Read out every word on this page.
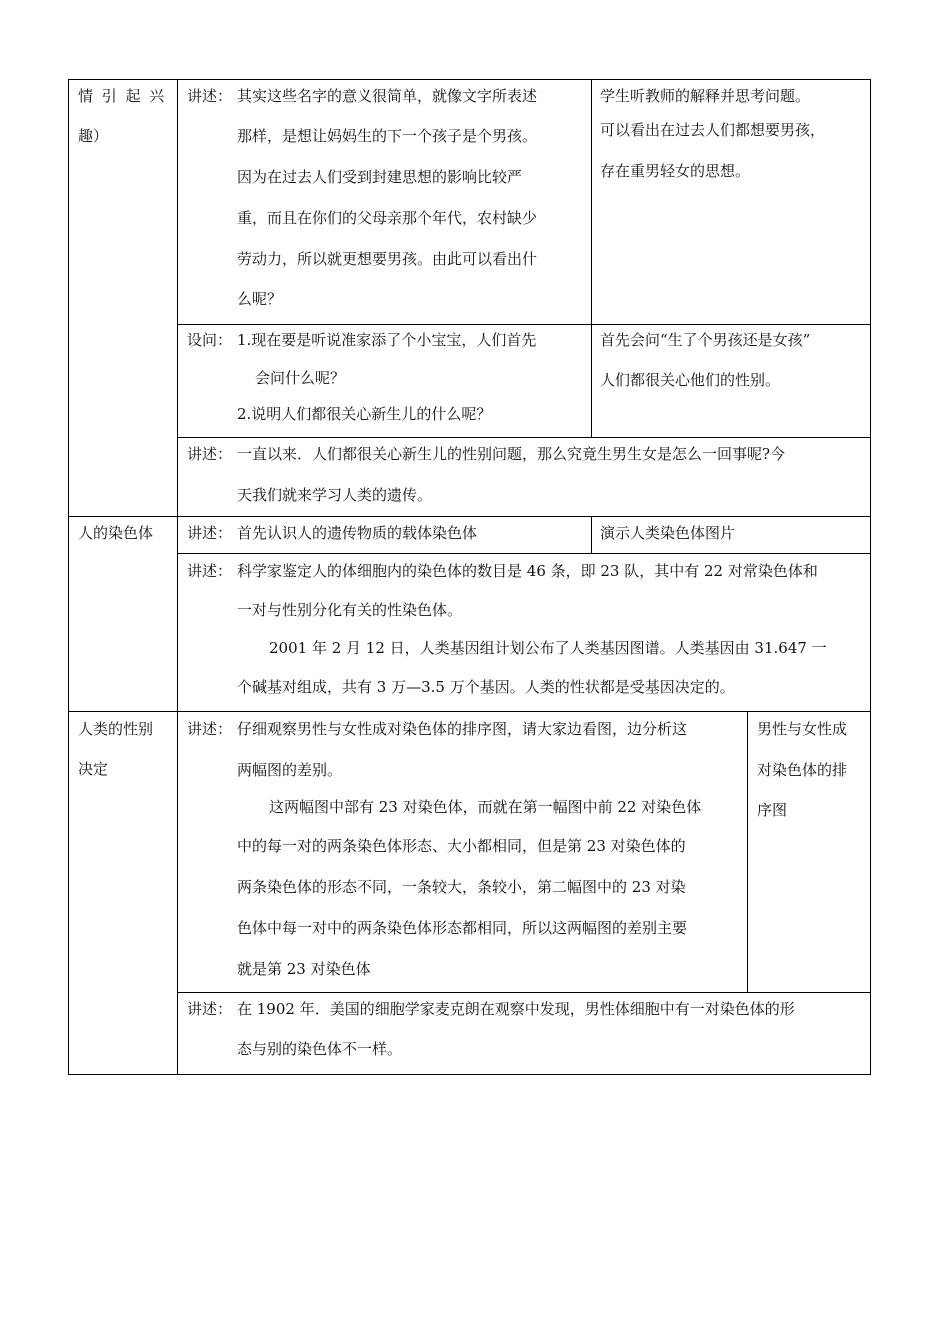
情 引 起 兴
趣）
讲述： 其实这些名字的意义很简单，就像文字所表述
那样，是想让妈妈生的下一个孩子是个男孩。
因为在过去人们受到封建思想的影响比较严
重，而且在你们的父母亲那个年代，农村缺少
劳动力，所以就更想要男孩。由此可以看出什
么呢？
学生听教师的解释并思考问题。
可以看出在过去人们都想要男孩，
存在重男轻女的思想。
设问： 1.现在要是听说准家添了个小宝宝，人们首先
会问什么呢？
2.说明人们都很关心新生儿的什么呢？
首先会问“生了个男孩还是女孩”
人们都很关心他们的性别。
讲述： 一直以来．人们都很关心新生儿的性别问题，那么究竟生男生女是怎么一回事呢?今
天我们就来学习人类的遗传。
人的染色体 讲述： 首先认识人的遗传物质的载体染色体	演示人类染色体图片
讲述： 科学家鉴定人的体细胞内的染色体的数目是 46 条，即 23 队，其中有 22 对常染色体和
一对与性别分化有关的性染色体。
2001 年 2 月 12 日，人类基因组计划公布了人类基因图谱。人类基因由 31.647 一
个碱基对组成，共有 3 万—3.5 万个基因。人类的性状都是受基因决定的。
人类的性别
决定
讲述： 仔细观察男性与女性成对染色体的排序图，请大家边看图，边分析这
两幅图的差别。
这两幅图中部有 23 对染色体，而就在第一幅图中前 22 对染色体
中的每一对的两条染色体形态、大小都相同，但是第 23 对染色体的
两条染色体的形态不同，一条较大，条较小，第二幅图中的 23 对染
色体中每一对中的两条染色体形态都相同，所以这两幅图的差别主要
就是第 23 对染色体
男性与女性成
对染色体的排
序图
讲述： 在 1902 年．美国的细胞学家麦克朗在观察中发现，男性体细胞中有一对染色体的形
态与别的染色体不一样。
